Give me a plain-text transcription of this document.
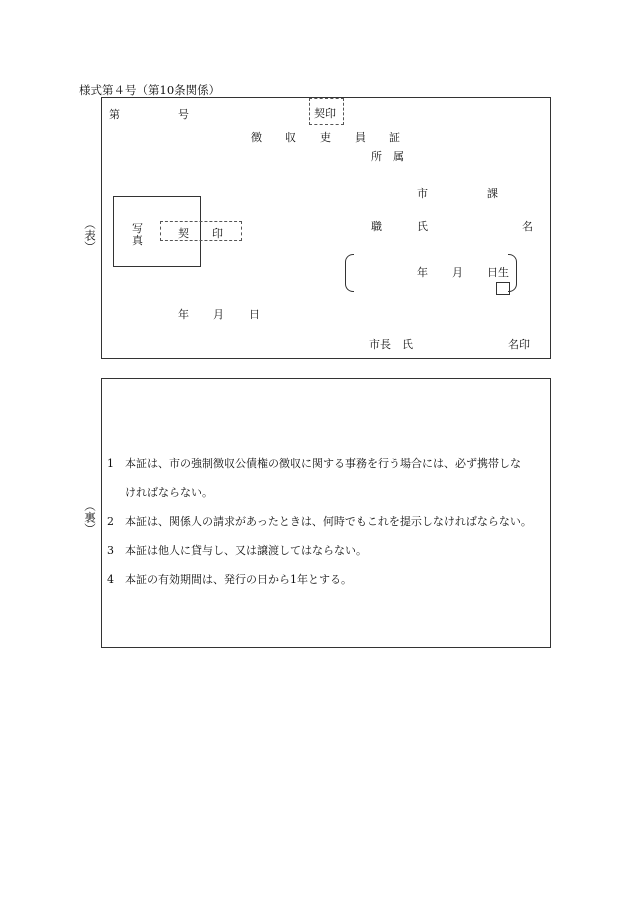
様式第４号（第10条関係）
（表）
第	号	契印
徴 収 吏 員 証
所　属
市	課
職	氏	名
写
真
契 印
年 月 日生
年 月 日
市長　氏	名印
（裏）
1 本証は、市の強制徴収公債権の徴収に関する事務を行う場合には、必ず携帯しな
ければならない。
2 本証は、関係人の請求があったときは、何時でもこれを提示しなければならない。
3 本証は他人に貸与し、又は譲渡してはならない。
4 本証の有効期間は、発行の日から1年とする。
